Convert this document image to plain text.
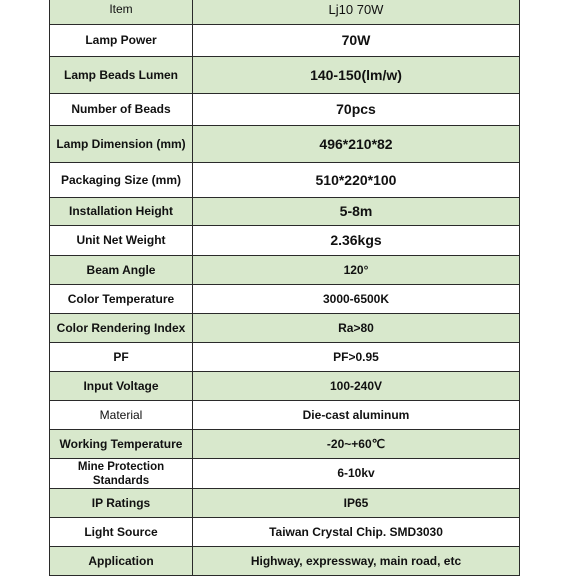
Item	Lj10 70W
Lamp Power	70W
Lamp Beads Lumen	140-150(lm/w)
Number of Beads	70pcs
Lamp Dimension (mm)	496*210*82
Packaging Size (mm)	510*220*100
Installation Height	5-8m
Unit Net Weight	2.36kgs
Beam Angle	120°
Color Temperature	3000-6500K
Color Rendering Index	Ra>80
PF	PF>0.95
Input Voltage	100-240V
Material	Die-cast aluminum
Working Temperature	-20~+60℃
Mine Protection Standards	6-10kv
IP Ratings	IP65
Light Source	Taiwan Crystal Chip. SMD3030
Application	Highway, expressway, main road, etc
